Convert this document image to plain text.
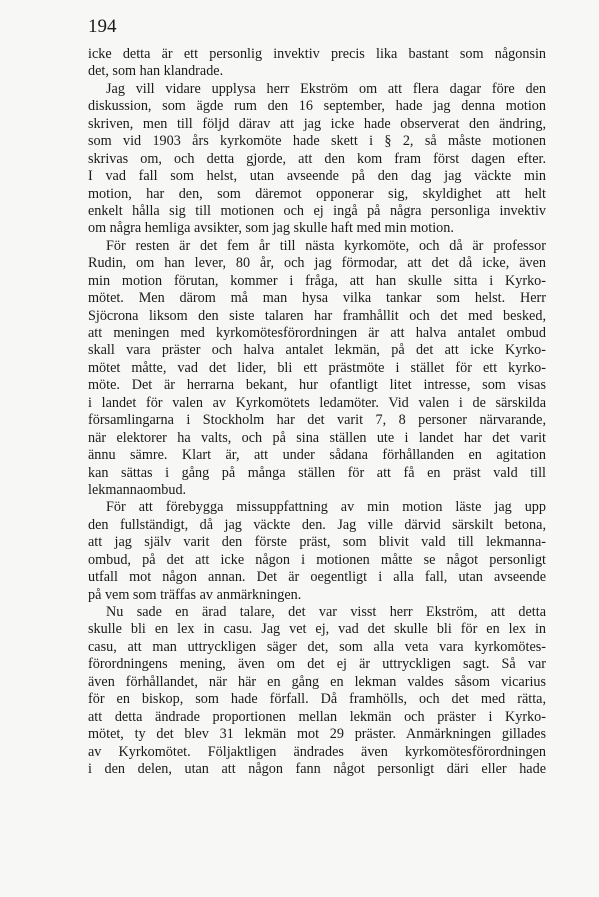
194
icke detta är ett personlig invektiv precis lika bastant som någonsin
det, som han klandrade.
Jag vill vidare upplysa herr Ekström om att flera dagar före den
diskussion, som ägde rum den 16 september, hade jag denna motion
skriven, men till följd därav att jag icke hade observerat den ändring,
som vid 1903 års kyrkomöte hade skett i § 2, så måste motionen
skrivas om, och detta gjorde, att den kom fram först dagen efter.
I vad fall som helst, utan avseende på den dag jag väckte min
motion, har den, som däremot opponerar sig, skyldighet att helt
enkelt hålla sig till motionen och ej ingå på några personliga invektiv
om några hemliga avsikter, som jag skulle haft med min motion.
För resten är det fem år till nästa kyrkomöte, och då är professor
Rudin, om han lever, 80 år, och jag förmodar, att det då icke, även
min motion förutan, kommer i fråga, att han skulle sitta i Kyrko-
mötet. Men därom må man hysa vilka tankar som helst. Herr
Sjöcrona liksom den siste talaren har framhållit och det med besked,
att meningen med kyrkomötesförordningen är att halva antalet ombud
skall vara präster och halva antalet lekmän, på det att icke Kyrko-
mötet måtte, vad det lider, bli ett prästmöte i stället för ett kyrko-
möte. Det är herrarna bekant, hur ofantligt litet intresse, som visas
i landet för valen av Kyrkomötets ledamöter. Vid valen i de särskilda
församlingarna i Stockholm har det varit 7, 8 personer närvarande,
när elektorer ha valts, och på sina ställen ute i landet har det varit
ännu sämre. Klart är, att under sådana förhållanden en agitation
kan sättas i gång på många ställen för att få en präst vald till
lekmannaombud.
För att förebygga missuppfattning av min motion läste jag upp
den fullständigt, då jag väckte den. Jag ville därvid särskilt betona,
att jag själv varit den förste präst, som blivit vald till lekmanna-
ombud, på det att icke någon i motionen måtte se något personligt
utfall mot någon annan. Det är oegentligt i alla fall, utan avseende
på vem som träffas av anmärkningen.
Nu sade en ärad talare, det var visst herr Ekström, att detta
skulle bli en lex in casu. Jag vet ej, vad det skulle bli för en lex in
casu, att man uttryckligen säger det, som alla veta vara kyrkomötes-
förordningens mening, även om det ej är uttryckligen sagt. Så var
även förhållandet, när här en gång en lekman valdes såsom vicarius
för en biskop, som hade förfall. Då framhölls, och det med rätta,
att detta ändrade proportionen mellan lekmän och präster i Kyrko-
mötet, ty det blev 31 lekmän mot 29 präster. Anmärkningen gillades
av Kyrkomötet. Följaktligen ändrades även kyrkomötesförordningen
i den delen, utan att någon fann något personligt däri eller hade
